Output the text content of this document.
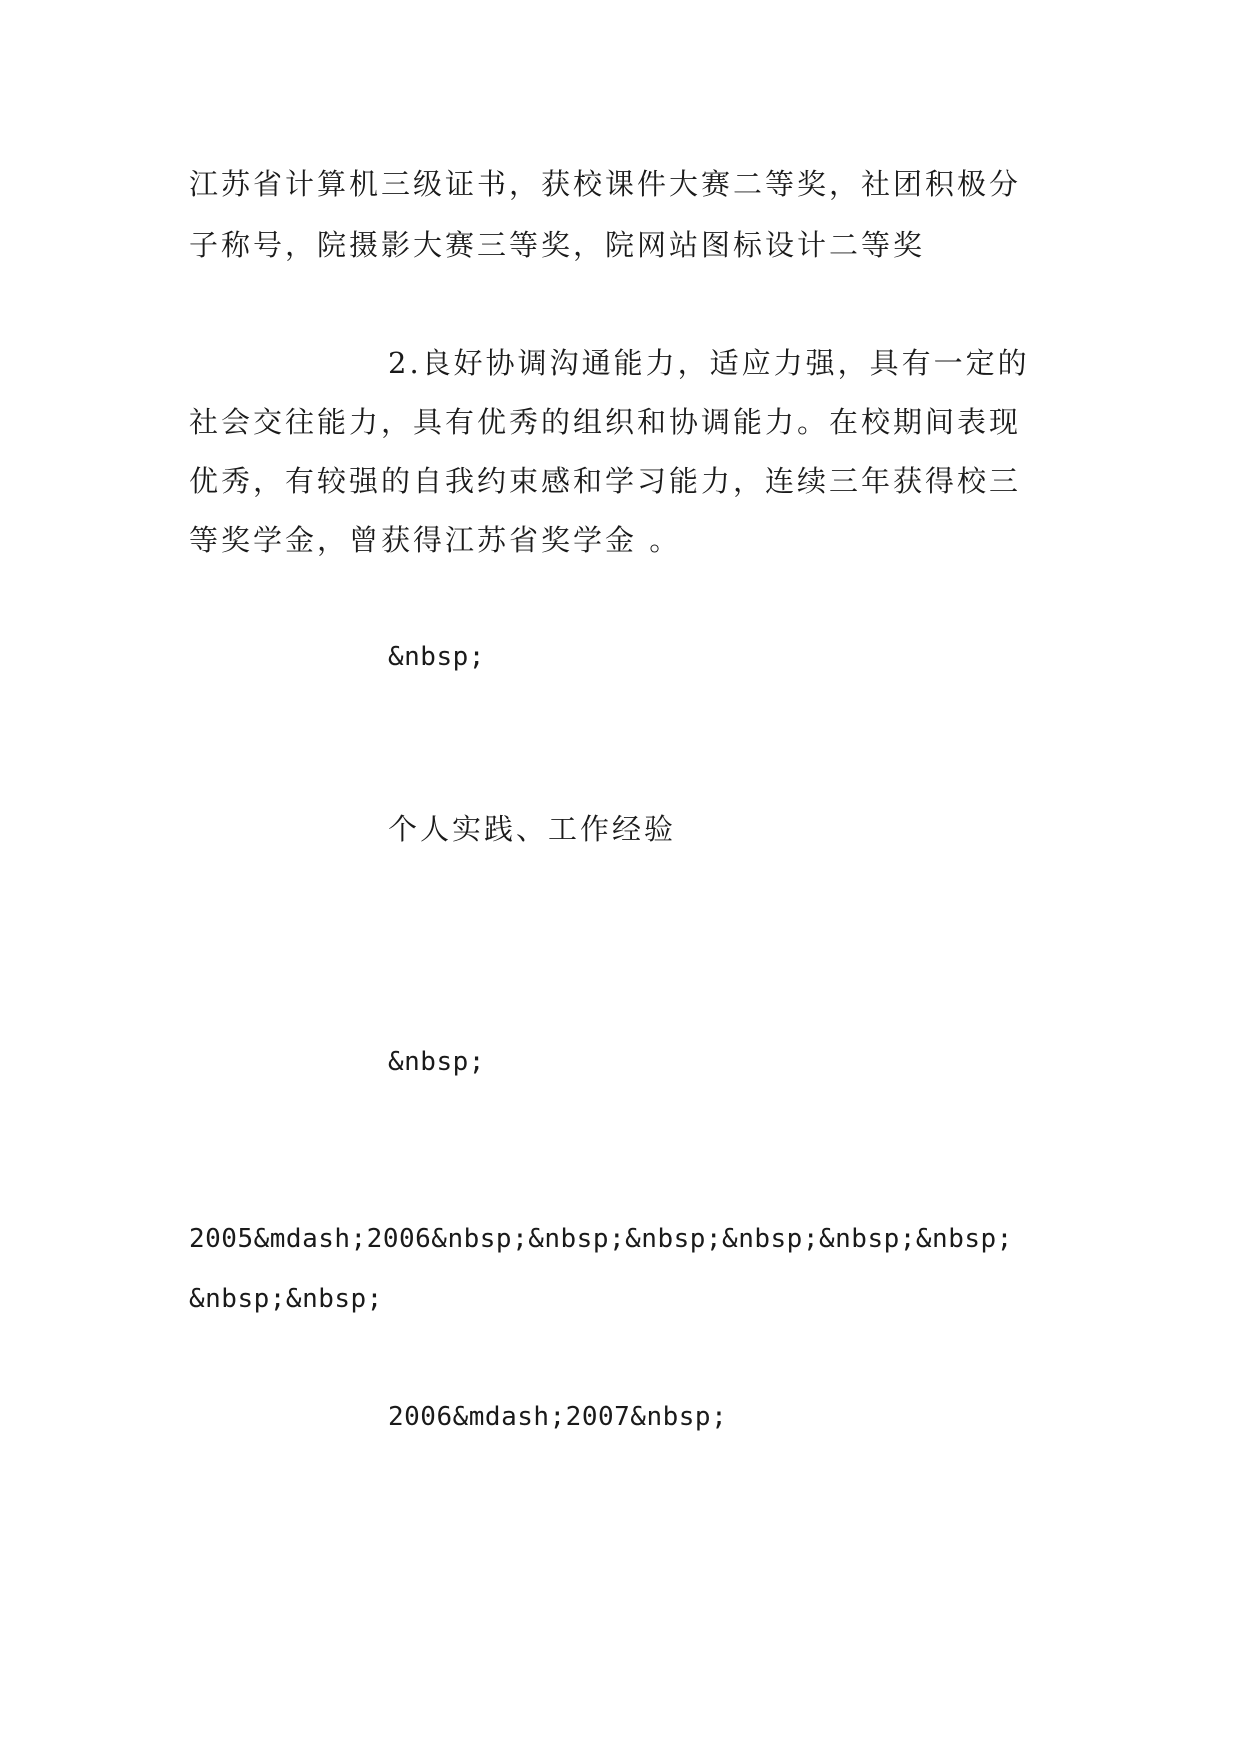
江苏省计算机三级证书，获校课件大赛二等奖，社团积极分

子称号，院摄影大赛三等奖，院网站图标设计二等奖

2.良好协调沟通能力，适应力强，具有一定的

社会交往能力，具有优秀的组织和协调能力。在校期间表现

优秀，有较强的自我约束感和学习能力，连续三年获得校三

等奖学金，曾获得江苏省奖学金 。

&nbsp;

个人实践、工作经验

&nbsp;

2005&mdash;2006&nbsp;&nbsp;&nbsp;&nbsp;&nbsp;&nbsp;

&nbsp;&nbsp;

2006&mdash;2007&nbsp;
